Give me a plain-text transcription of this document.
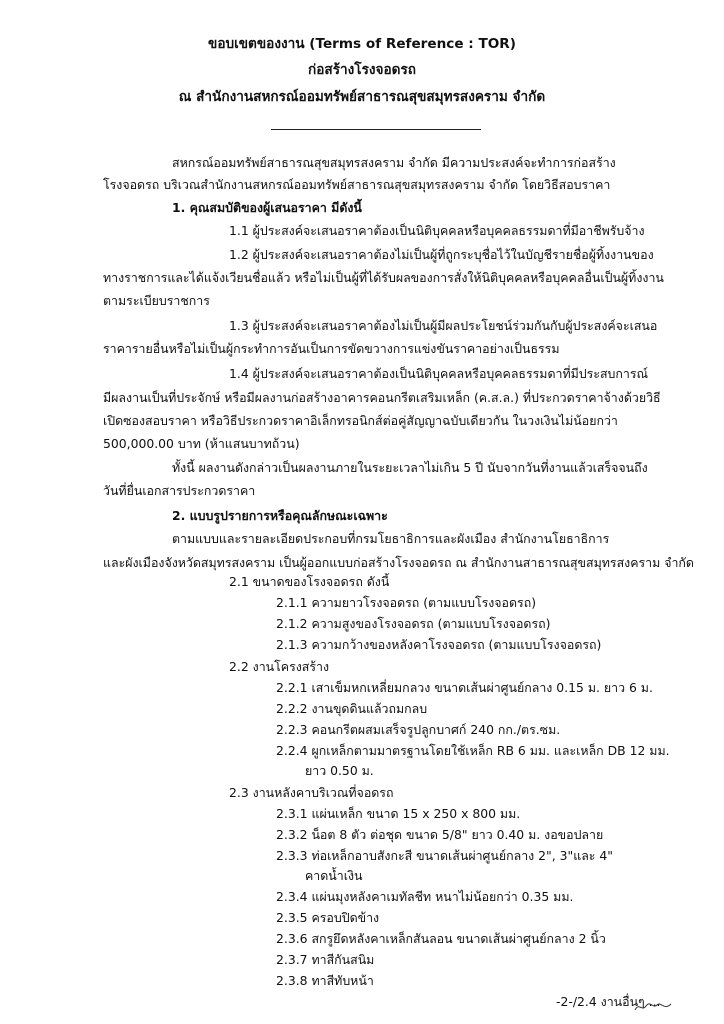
ขอบเขตของงาน (Terms of Reference : TOR)
ก่อสร้างโรงจอดรถ
ณ สำนักงานสหกรณ์ออมทรัพย์สาธารณสุขสมุทรสงคราม จำกัด
สหกรณ์ออมทรัพย์สาธารณสุขสมุทรสงคราม จำกัด มีความประสงค์จะทำการก่อสร้าง
โรงจอดรถ บริเวณสำนักงานสหกรณ์ออมทรัพย์สาธารณสุขสมุทรสงคราม จำกัด โดยวิธีสอบราคา
1. คุณสมบัติของผู้เสนอราคา มีดังนี้
1.1 ผู้ประสงค์จะเสนอราคาต้องเป็นนิติบุคคลหรือบุคคลธรรมดาที่มีอาชีพรับจ้าง
1.2 ผู้ประสงค์จะเสนอราคาต้องไม่เป็นผู้ที่ถูกระบุชื่อไว้ในบัญชีรายชื่อผู้ทิ้งงานของ
ทางราชการและได้แจ้งเวียนชื่อแล้ว หรือไม่เป็นผู้ที่ได้รับผลของการสั่งให้นิติบุคคลหรือบุคคลอื่นเป็นผู้ทิ้งงาน
ตามระเบียบราชการ
1.3 ผู้ประสงค์จะเสนอราคาต้องไม่เป็นผู้มีผลประโยชน์ร่วมกันกับผู้ประสงค์จะเสนอ
ราคารายอื่นหรือไม่เป็นผู้กระทำการอันเป็นการขัดขวางการแข่งขันราคาอย่างเป็นธรรม
1.4 ผู้ประสงค์จะเสนอราคาต้องเป็นนิติบุคคลหรือบุคคลธรรมดาที่มีประสบการณ์
มีผลงานเป็นที่ประจักษ์ หรือมีผลงานก่อสร้างอาคารคอนกรีตเสริมเหล็ก (ค.ส.ล.) ที่ประกวดราคาจ้างด้วยวิธี
เปิดซองสอบราคา หรือวิธีประกวดราคาอิเล็กทรอนิกส์ต่อคู่สัญญาฉบับเดียวกัน ในวงเงินไม่น้อยกว่า
500,000.00 บาท (ห้าแสนบาทถ้วน)
ทั้งนี้ ผลงานดังกล่าวเป็นผลงานภายในระยะเวลาไม่เกิน 5 ปี นับจากวันที่งานแล้วเสร็จจนถึง
วันที่ยื่นเอกสารประกวดราคา
2. แบบรูปรายการหรือคุณลักษณะเฉพาะ
ตามแบบและรายละเอียดประกอบที่กรมโยธาธิการและผังเมือง สำนักงานโยธาธิการ
และผังเมืองจังหวัดสมุทรสงคราม เป็นผู้ออกแบบก่อสร้างโรงจอดรถ ณ สำนักงานสาธารณสุขสมุทรสงคราม จำกัด
2.1 ขนาดของโรงจอดรถ ดังนี้
2.1.1 ความยาวโรงจอดรถ (ตามแบบโรงจอดรถ)
2.1.2 ความสูงของโรงจอดรถ (ตามแบบโรงจอดรถ)
2.1.3 ความกว้างของหลังคาโรงจอดรถ (ตามแบบโรงจอดรถ)
2.2 งานโครงสร้าง
2.2.1 เสาเข็มหกเหลี่ยมกลวง ขนาดเส้นผ่าศูนย์กลาง 0.15 ม. ยาว 6 ม.
2.2.2 งานขุดดินแล้วถมกลบ
2.2.3 คอนกรีตผสมเสร็จรูปลูกบาศก์ 240 กก./ตร.ซม.
2.2.4 ผูกเหล็กตามมาตรฐานโดยใช้เหล็ก RB 6 มม. และเหล็ก DB 12 มม.
ยาว 0.50 ม.
2.3 งานหลังคาบริเวณที่จอดรถ
2.3.1 แผ่นเหล็ก ขนาด 15 x 250 x 800 มม.
2.3.2 น็อต 8 ตัว ต่อชุด ขนาด 5/8" ยาว 0.40 ม. งอขอปลาย
2.3.3 ท่อเหล็กอาบสังกะสี ขนาดเส้นผ่าศูนย์กลาง 2", 3"และ 4"
คาดน้ำเงิน
2.3.4 แผ่นมุงหลังคาเมทัลชีท หนาไม่น้อยกว่า 0.35 มม.
2.3.5 ครอบปิดข้าง
2.3.6 สกรูยึดหลังคาเหล็กสันลอน ขนาดเส้นผ่าศูนย์กลาง 2 นิ้ว
2.3.7 ทาสีกันสนิม
2.3.8 ทาสีทับหน้า
-2-/2.4 งานอื่นๆ ...
